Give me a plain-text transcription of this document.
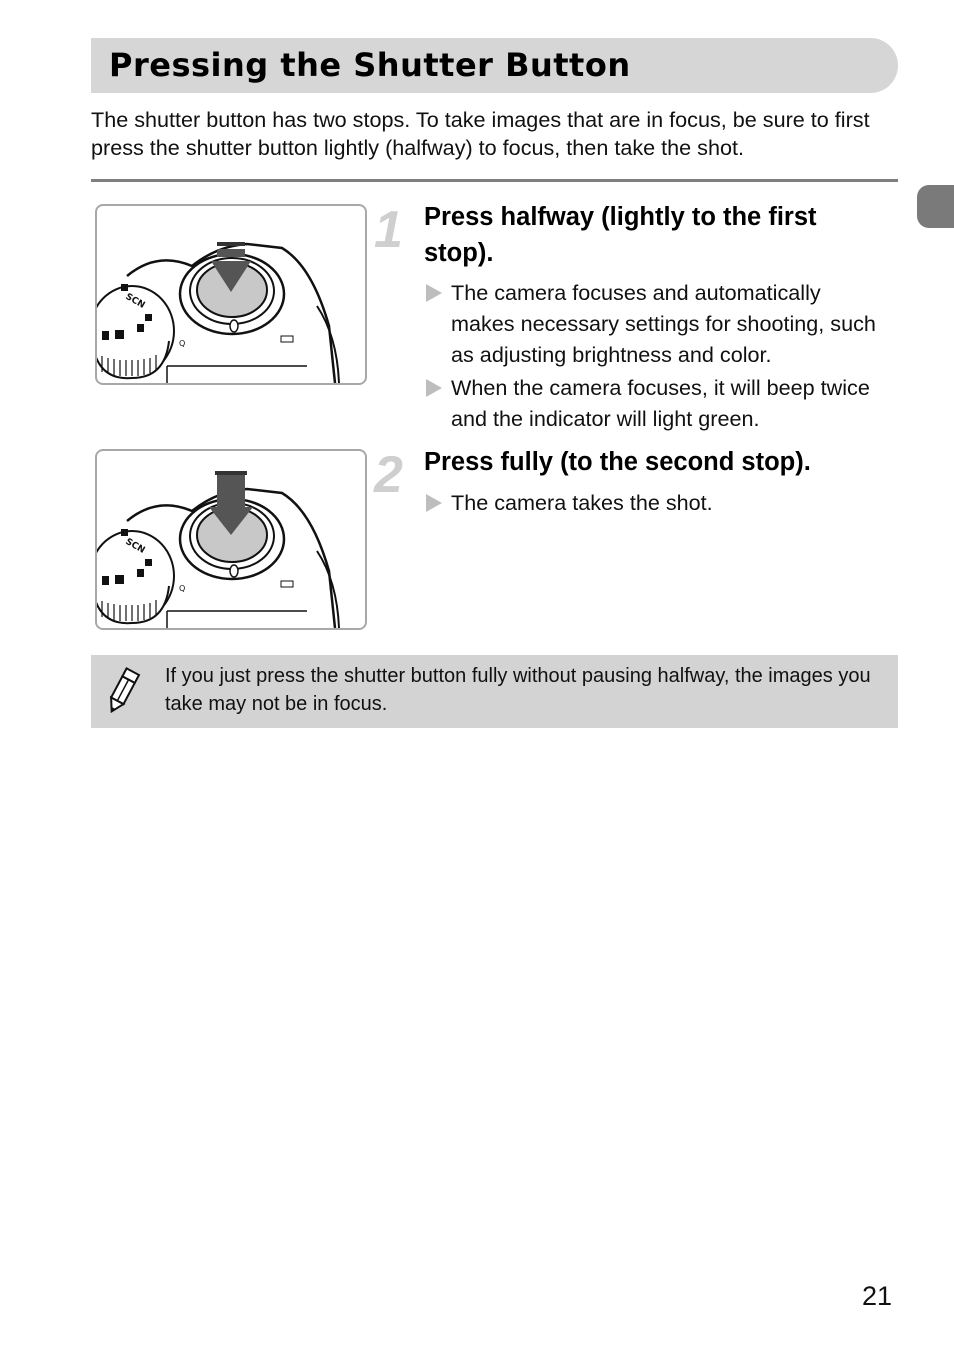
Pressing the Shutter Button
The shutter button has two stops. To take images that are in focus, be sure to first press the shutter button lightly (halfway) to focus, then take the shot.
SCN
Q
1 Press halfway (lightly to the first stop).
The camera focuses and automatically makes necessary settings for shooting, such as adjusting brightness and color.
When the camera focuses, it will beep twice and the indicator will light green.
SCN
Q
2 Press fully (to the second stop).
The camera takes the shot.
If you just press the shutter button fully without pausing halfway, the images you take may not be in focus.
21
